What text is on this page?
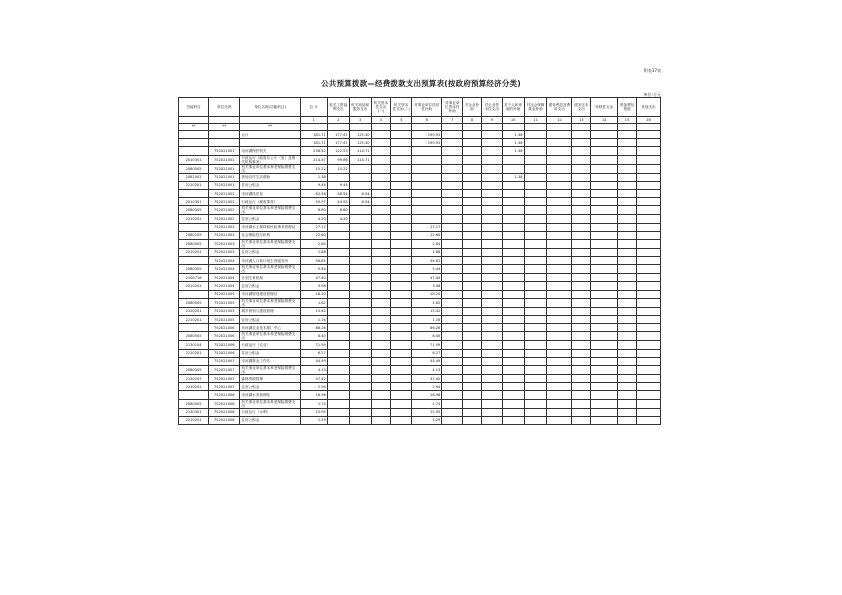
附表17表
公共预算拨款—经费拨款支出预算表(按政府预算经济分类)
单位:万元
功能科目	单位代码	单位名称(功能科目)	总 计	机关工资福利支出	机关商品和服务支出	机关资本性支出(一)	机关资本性支出(二)	对事业单位经常性补助	对事业单位资本性补助	对企业补助	对企业资本性支出	对个人和家庭的补助	对社会保障基金补助	债务利息及费用支出	债务还本支出	转移性支出	预备费及预留	其他支出
			1	2	3	4	5	6	7	8	9	10	11	12	13	14	15	16
**	**	**																
		合计	381.71	177.47	125.30			299.91				1.38						
			381.71	177.47	125.30			299.91				1.38						
	752021001	市河湖保护机关	236.42	122.53	114.71							1.38						
2010301	752021001	行政运行（政府办公厅（室）及相关机构事务）	214.57	99.86	114.71													
2080505	752021001	机关事业单位基本养老保险缴费支出	15.22	15.22														
2082502	752021001	其他农村生活救助	1.38									1.38						
2210201	752021001	住房公积金	9.44	9.44														
	752021002	市河湖执法局	62.58	56.54	6.04													
2010301	752021002	行政运行（税收事务）	50.97	44.93	6.04													
2080505	752021002	机关事业单位基本养老保险缴费支出	6.80	6.80														
2210201	752021002	住房公积金	4.20	4.20														
	752021003	市河湖水土保持和民政事务管理站	27.17					27.17										
2080109	752021003	社会保险经办机构	22.60					22.60										
2080505	752021003	机关事业单位基本养老保险缴费支出	2.64					2.64										
2210201	752021003	住房公积金	1.88					1.88										
	752021004	市河湖人口和计划生育服务所	56.81					56.81										
2080505	752021004	机关事业单位基本养老保险缴费支出	5.44					5.44										
2100716	752021004	计划生育机构	47.40					47.40										
2210201	752021004	住房公积金	3.98					3.98										
	752021005	市河湖规划建设管理站	18.20					18.20										
2080505	752021005	机关事业单位基本养老保险缴费支出	1.62					1.62										
2120201	752021005	城乡规划与建设管理	15.42					15.42										
2210201	752021005	住房公积金	1.16					1.16										
	752021006	市河湖农业技术推广中心	86.26					86.26										
2080505	752021006	机关事业单位基本养老保险缴费支出	8.40					8.40										
2130104	752021006	行政运行（农业）	71.59					71.59										
2210201	752021006	住房公积金	6.27					6.27										
	752021007	市河湖林业工作站	44.49					44.49										
2080505	752021007	机关事业单位基本养老保险缴费支出	4.13					4.13										
2130207	752021007	森林资源管理	37.42					37.42										
2210201	752021007	住房公积金	2.94					2.94										
	752021008	市河湖水务管理站	18.98					18.98										
2080505	752021008	机关事业单位基本养老保险缴费支出	1.74					1.74										
2130301	752021008	行政运行（水利）	15.95					15.95										
2210201	752021008	住房公积金	1.29					1.29										
